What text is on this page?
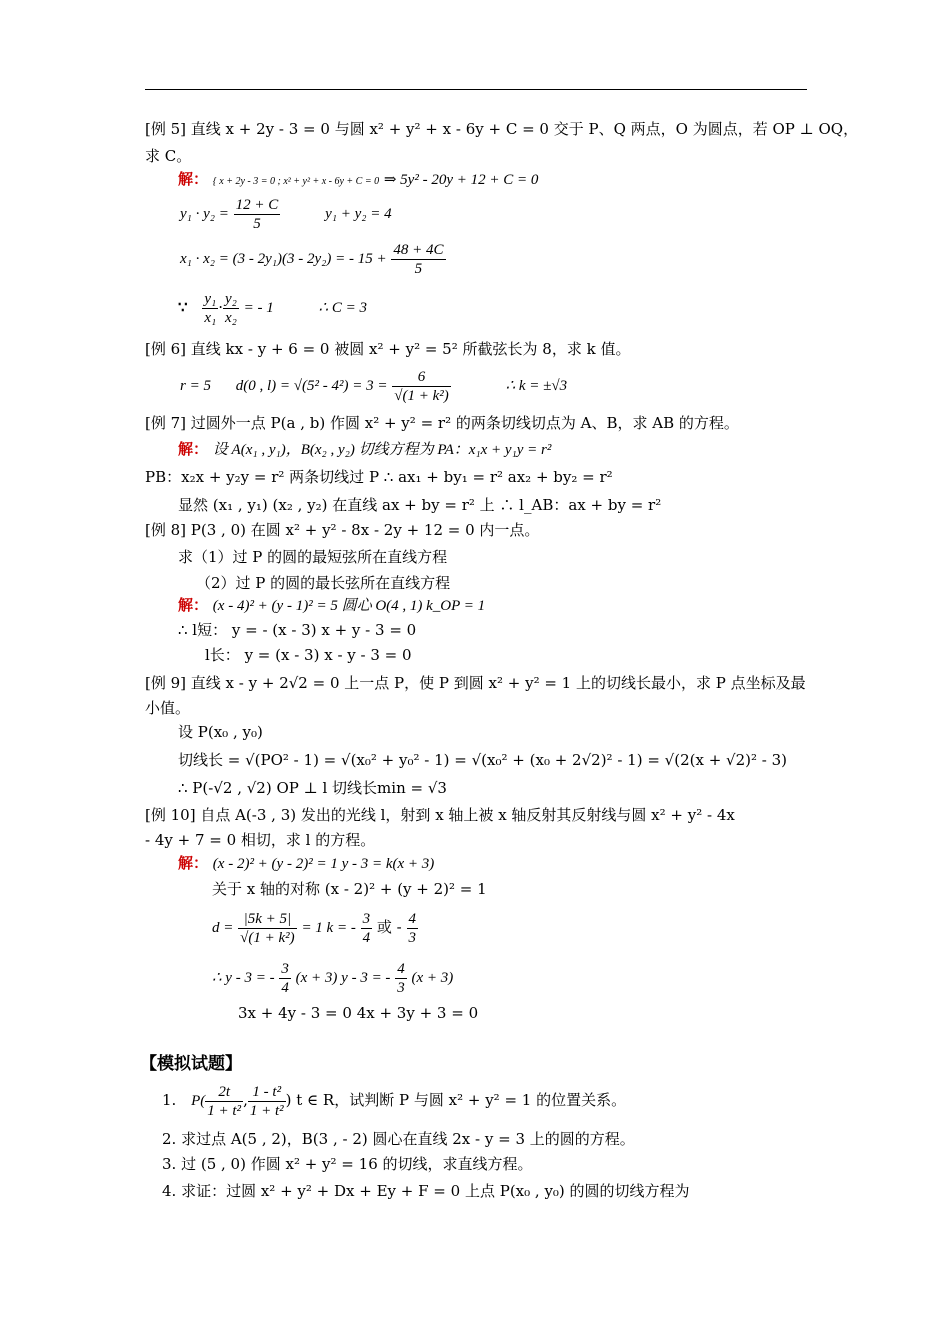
[例 5] 直线 x + 2y - 3 = 0 与圆 x² + y² + x - 6y + C = 0 交于 P、Q 两点，O 为圆点，若 OP ⊥ OQ，
求 C。
解： { x + 2y - 3 = 0 ; x² + y² + x - 6y + C = 0 ⇒ 5y² - 20y + 12 + C = 0
$y_1 \cdot y_2 = \frac{12 + C}{5}$	y₁ + y₂ = 4
x₁ · x₂ = (3 - 2y₁)(3 - 2y₂) = - $15 + \frac{48 + 4C}{5}$
∵ $\frac{\text{y₁}}{\text{x₁}} \cdot \frac{\text{y₂}}{\text{x₂}}$ = - 1	∴ C = 3
[例 6] 直线 kx - y + 6 = 0 被圆 x² + y² = 5² 所截弦长为 8，求 k 值。
r = 5 d(0 , $l) = √(5^2 - 4^2) = 3 = \frac{6}{\text{√(1 + k²)}}$	∴ k = ±√3
[例 7] 过圆外一点 P(a , b) 作圆 x² + y² = r² 的两条切线切点为 A、B，求 AB 的方程。
解： 设 A(x₁ , y₁)，B(x₂ , y₂) 切线方程为 PA：x₁x + y₁y = r²
PB：x₂x + y₂y = r² 两条切线过 P ∴ ax₁ + by₁ = r² ax₂ + by₂ = r²
显然 (x₁ , y₁) (x₂ , y₂) 在直线 ax + by = r² 上 ∴ l_AB：ax + by = r²
[例 8] P(3 , 0) 在圆 x² + y² - 8x - 2y + 12 = 0 内一点。
求（1）过 P 的圆的最短弦所在直线方程
（2）过 P 的圆的最长弦所在直线方程
解： (x - 4)² + (y - 1)² = 5 圆心 O(4 , 1) k_OP = 1
∴ l短： y = - (x - 3) x + y - 3 = 0
l长： y = (x - 3) x - y - 3 = 0
[例 9] 直线 x - y + 2√2 = 0 上一点 P，使 P 到圆 x² + y² = 1 上的切线长最小，求 P 点坐标及最
小值。
设 P(x₀ , y₀)
切线长 = √(PO² - 1) = √(x₀² + y₀² - 1) = √(x₀² + (x₀ + 2√2)² - 1) = √(2(x + √2)² - 3)
∴ P(-√2 , √2) OP ⊥ l 切线长min = √3
[例 10] 自点 A(-3 , 3) 发出的光线 l，射到 x 轴上被 x 轴反射其反射线与圆 x² + y² - 4x
- 4y + 7 = 0 相切，求 l 的方程。
解： (x - 2)² + (y - 2)² = 1 y - 3 = k(x + 3)
关于 x 轴的对称 (x - 2)² + (y + 2)² = 1
$d = \frac{|5k + 5|}{\text{√(1 + k²)}} = 1$ k = - $\frac{3}{4}$ 或 - $\frac{4}{3}$
∴ y - 3 = - $\frac{3}{4} (x + 3)$ y - 3 = - $\frac{4}{3} (x + 3)$
3x + 4y - 3 = 0 4x + 3y + 3 = 0
【模拟试题】
1. $P( \frac{2t}{\text{1 + t²}}$ , $\frac{\text{1 - t²}}{\text{1 + t²}}$ ) t ∈ R，试判断 P 与圆 x² + y² = 1 的位置关系。
2. 求过点 A(5 , 2)，B(3 , - 2) 圆心在直线 2x - y = 3 上的圆的方程。
3. 过 (5 , 0) 作圆 x² + y² = 16 的切线，求直线方程。
4. 求证：过圆 x² + y² + Dx + Ey + F = 0 上点 P(x₀ , y₀) 的圆的切线方程为
